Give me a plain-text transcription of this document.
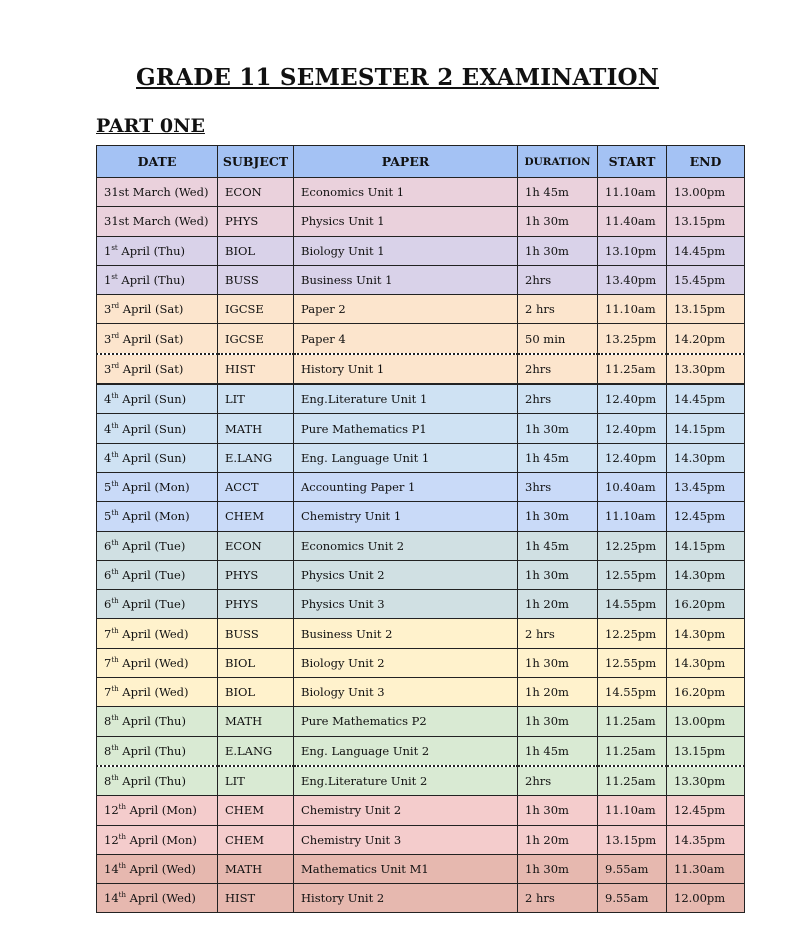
GRADE 11 SEMESTER 2 EXAMINATION
PART 0NE
DATE	SUBJECT	PAPER	DURATION	START	END
31st March (Wed)	ECON	Economics Unit 1	1h 45m	11.10am	13.00pm
31st March (Wed)	PHYS	Physics Unit 1	1h 30m	11.40am	13.15pm
1st April (Thu)	BIOL	Biology Unit 1	1h 30m	13.10pm	14.45pm
1st April (Thu)	BUSS	Business Unit 1	2hrs	13.40pm	15.45pm
3rd April (Sat)	IGCSE	Paper 2	2 hrs	11.10am	13.15pm
3rd April (Sat)	IGCSE	Paper 4	50 min	13.25pm	14.20pm
3rd April (Sat)	HIST	History Unit 1	2hrs	11.25am	13.30pm
4th April (Sun)	LIT	Eng.Literature Unit 1	2hrs	12.40pm	14.45pm
4th April (Sun)	MATH	Pure Mathematics P1	1h 30m	12.40pm	14.15pm
4th April (Sun)	E.LANG	Eng. Language Unit 1	1h 45m	12.40pm	14.30pm
5th April (Mon)	ACCT	Accounting Paper 1	3hrs	10.40am	13.45pm
5th April (Mon)	CHEM	Chemistry Unit 1	1h 30m	11.10am	12.45pm
6th April (Tue)	ECON	Economics Unit 2	1h 45m	12.25pm	14.15pm
6th April (Tue)	PHYS	Physics Unit 2	1h 30m	12.55pm	14.30pm
6th April (Tue)	PHYS	Physics Unit 3	1h 20m	14.55pm	16.20pm
7th April (Wed)	BUSS	Business Unit 2	2 hrs	12.25pm	14.30pm
7th April (Wed)	BIOL	Biology Unit 2	1h 30m	12.55pm	14.30pm
7th April (Wed)	BIOL	Biology Unit 3	1h 20m	14.55pm	16.20pm
8th April (Thu)	MATH	Pure Mathematics P2	1h 30m	11.25am	13.00pm
8th April (Thu)	E.LANG	Eng. Language Unit 2	1h 45m	11.25am	13.15pm
8th April (Thu)	LIT	Eng.Literature Unit 2	2hrs	11.25am	13.30pm
12th April (Mon)	CHEM	Chemistry Unit 2	1h 30m	11.10am	12.45pm
12th April (Mon)	CHEM	Chemistry Unit 3	1h 20m	13.15pm	14.35pm
14th April (Wed)	MATH	Mathematics Unit M1	1h 30m	9.55am	11.30am
14th April (Wed)	HIST	History Unit 2	2 hrs	9.55am	12.00pm
